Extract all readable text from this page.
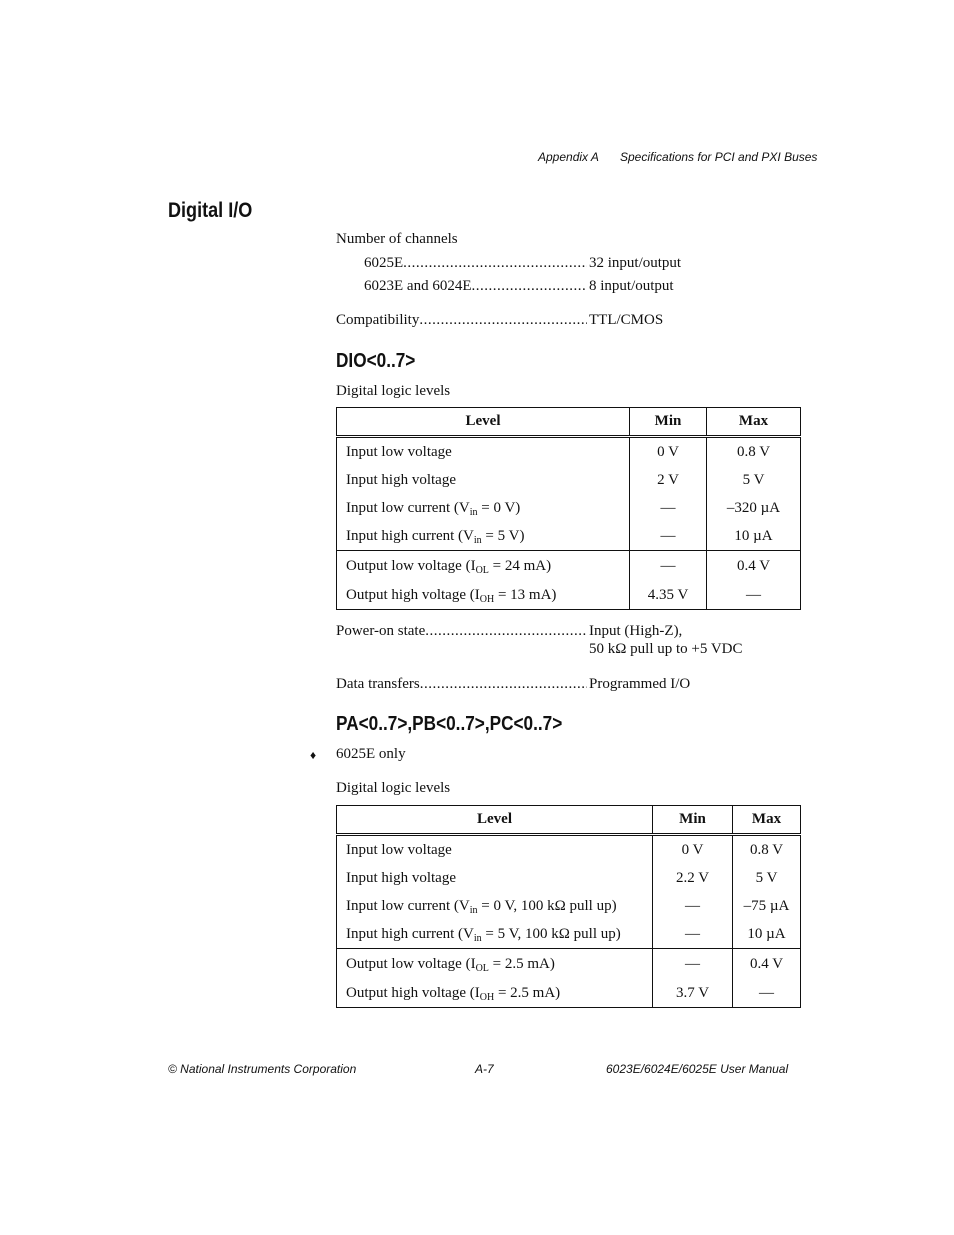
Appendix A Specifications for PCI and PXI Buses
Digital I/O
Number of channels
6025E .....	32 input/output
6023E and 6024E .....	8 input/output
Compatibility .....	TTL/CMOS
DIO<0..7>
Digital logic levels
Level	Min	Max
Input low voltage	0 V	0.8 V
Input high voltage	2 V	5 V
Input low current ($V_{in} = 0$ V)	—	–320 µA
Input high current ($V_{in} = 5$ V)	—	10 µA
Output low voltage ($I_{OL} = 24$ mA)	—	0.4 V
Output high voltage ($I_{OH} = 13$ mA)	4.35 V	—
Power-on state .....	Input (High-Z),
50 kΩ pull up to +5 VDC
Data transfers .....	Programmed I/O
PA<0..7>,PB<0..7>,PC<0..7>
♦ 6025E only
Digital logic levels
Level	Min	Max
Input low voltage	0 V	0.8 V
Input high voltage	2.2 V	5 V
Input low current ($V_{in} = 0$ V, 100 kΩ pull up)	—	–75 µA
Input high current ($V_{in} = 5$ V, 100 kΩ pull up)	—	10 µA
Output low voltage ($I_{OL} = 2.5$ mA)	—	0.4 V
Output high voltage ($I_{OH} = 2.5$ mA)	3.7 V	—
© National Instruments Corporation	A-7	6023E/6024E/6025E User Manual
